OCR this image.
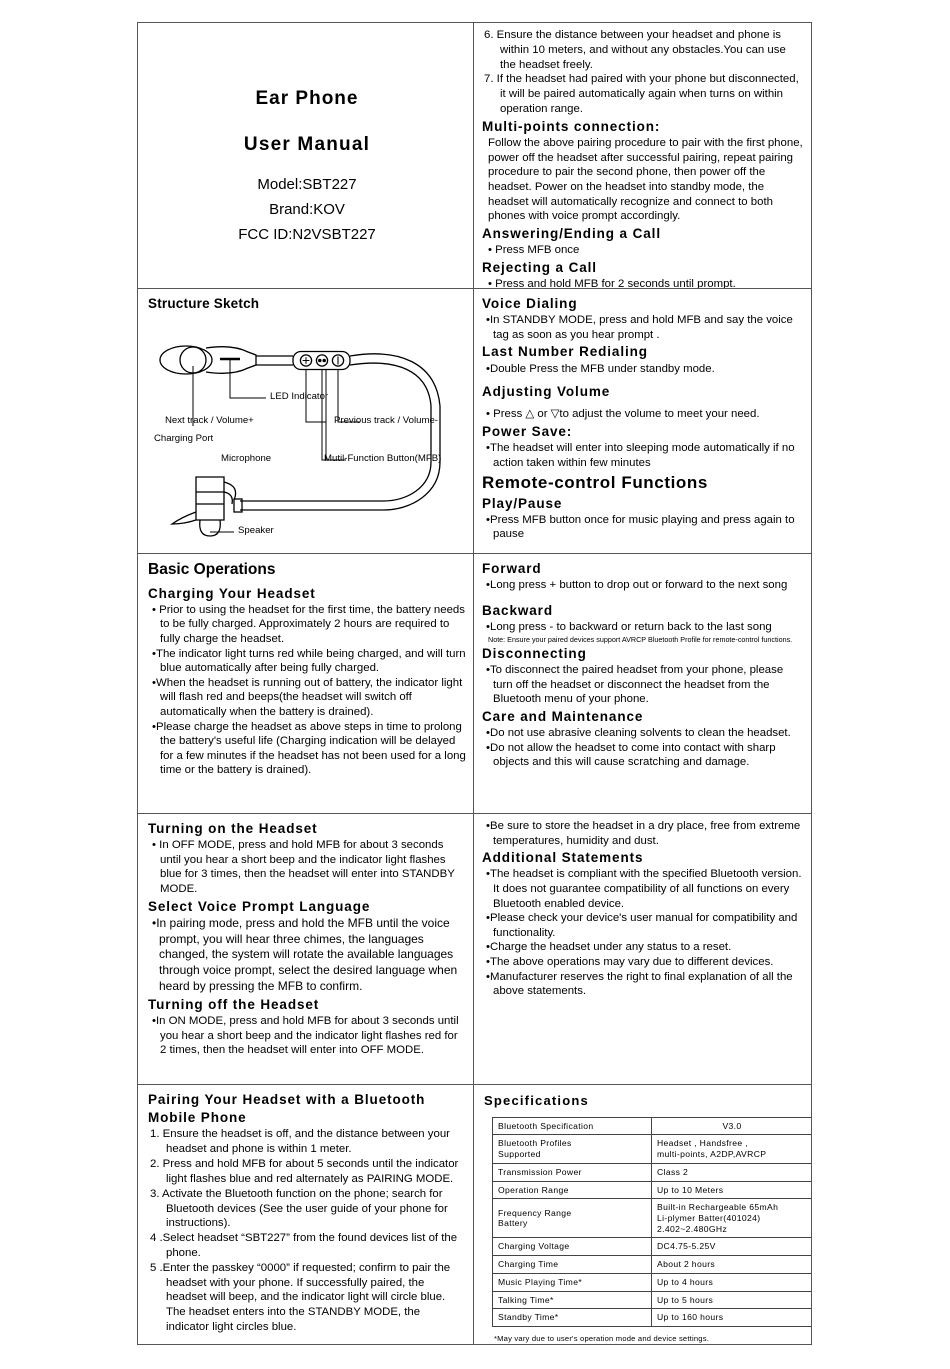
Ear Phone
User Manual
Model:SBT227
Brand:KOV
FCC ID:N2VSBT227

6. Ensure the distance between your headset and phone is within 10 meters, and without any obstacles.You can use the headset freely.

7. If the headset had paired with your phone but disconnected, it will be paired automatically again when turns on within operation range.

Multi-points connection:

Follow the above pairing procedure to pair with the first phone, power off the headset after successful pairing, repeat pairing procedure to pair the second phone, then power off the headset. Power on the headset into standby mode, the headset will automatically recognize and connect to both phones with voice prompt accordingly.

Answering/Ending a Call

• Press MFB once

Rejecting a Call

• Press and hold MFB for 2 seconds until prompt.

Structure Sketch
LED Indicator
Next track / Volume+	Previous track / Volume-
Charging Port
Microphone	Mutil-Function Button(MFB)
Speaker
Voice Dialing

•In STANDBY MODE, press and hold MFB and say the voice tag as soon as you hear prompt .

Last Number Redialing

•Double Press the MFB under standby mode.

Adjusting Volume

• Press △ or ▽to adjust the volume to meet your need.

Power Save:

•The headset will enter into sleeping mode automatically if no action taken within few minutes

Remote-control Functions
Play/Pause

•Press MFB button once for music playing and press again to pause

Basic Operations
Charging Your Headset

• Prior to using the headset for the first time, the battery needs to be fully charged. Approximately 2 hours are required to fully charge the headset.

•The indicator light turns red while being charged, and will turn blue automatically after being fully charged.

•When the headset is running out of battery, the indicator light will flash red and beeps(the headset will switch off automatically when the battery is drained).

•Please charge the headset as above steps in time to prolong the battery's useful life (Charging indication will be delayed for a few minutes if the headset has not been used for a long time or the battery is drained).

Forward

•Long press + button to drop out or forward to the next song

Backward

•Long press - to backward or return back to the last song

Note: Ensure your paired devices support AVRCP Bluetooth Profile for remote-control functions.

Disconnecting

•To disconnect the paired headset from your phone, please turn off the headset or disconnect the headset from the Bluetooth menu of your phone.

Care and Maintenance

•Do not use abrasive cleaning solvents to clean the headset.

•Do not allow the headset to come into contact with sharp objects and this will cause scratching and damage.

Turning on the Headset

• In OFF MODE, press and hold MFB for about 3 seconds until you hear a short beep and the indicator light flashes blue for 3 times, then the headset will enter into STANDBY MODE.

Select Voice Prompt Language

•In pairing mode, press and hold the MFB until the voice prompt, you will hear three chimes, the languages changed, the system will rotate the available languages through voice prompt, select the desired language when heard by pressing the MFB to confirm.

Turning off the Headset

•In ON MODE, press and hold MFB for about 3 seconds until you hear a short beep and the indicator light flashes red for 2 times, then the headset will enter into OFF MODE.

•Be sure to store the headset in a dry place, free from extreme temperatures, humidity and dust.

Additional Statements

•The headset is compliant with the specified Bluetooth version. It does not guarantee compatibility of all functions on every Bluetooth enabled device.

•Please check your device's user manual for compatibility and functionality.

•Charge the headset under any status to a reset.

•The above operations may vary due to different devices.

•Manufacturer reserves the right to final explanation of all the above statements.

Pairing Your Headset with a Bluetooth
Mobile Phone

1. Ensure the headset is off, and the distance between your headset and phone is within 1 meter.

2. Press and hold MFB for about 5 seconds until the indicator light flashes blue and red alternately as PAIRING MODE.

3. Activate the Bluetooth function on the phone; search for Bluetooth devices (See the user guide of your phone for instructions).

4 .Select headset “SBT227” from the found devices list of the phone.

5 .Enter the passkey “0000” if requested; confirm to pair the headset with your phone. If successfully paired, the headset will beep, and the indicator light will circle blue. The headset enters into the STANDBY MODE, the indicator light circles blue.

Specifications
Bluetooth Specification	V3.0
Bluetooth Profiles
Supported	Headset , Handsfree ,
multi-points, A2DP,AVRCP
Transmission Power	Class 2
Operation Range	Up to 10 Meters
Frequency Range
Battery	Built-in Rechargeable 65mAh
Li-plymer Batter(401024)
2.402~2.480GHz
Charging Voltage	DC4.75-5.25V
Charging Time	About 2 hours
Music Playing Time*	Up to 4 hours
Talking Time*	Up to 5 hours
Standby Time*	Up to 160 hours
*May vary due to user's operation mode and device settings.
